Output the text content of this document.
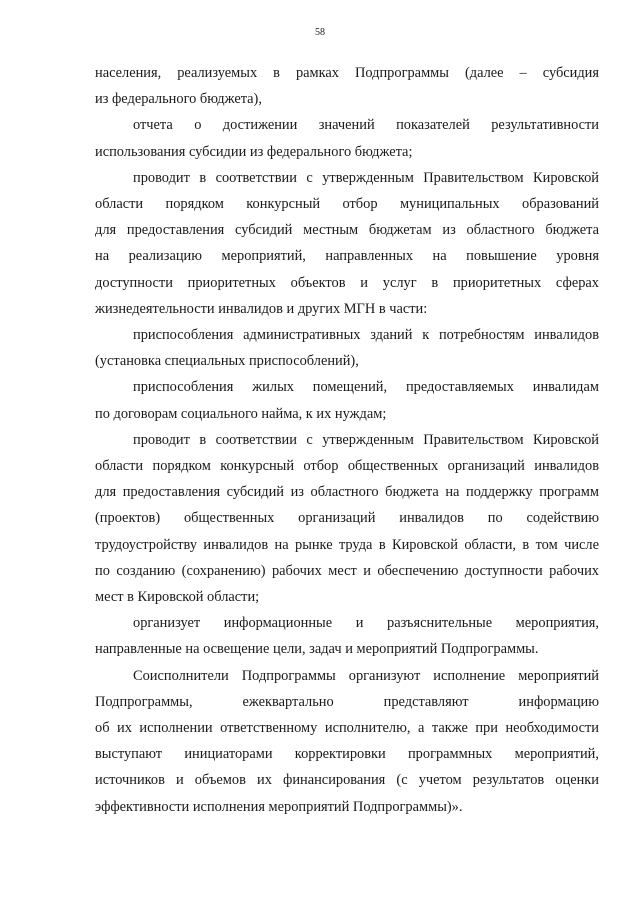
58
населения, реализуемых в рамках Подпрограммы (далее – субсидия
из федерального бюджета),
отчета о достижении значений показателей результативности
использования субсидии из федерального бюджета;
проводит в соответствии с утвержденным Правительством Кировской
области порядком конкурсный отбор муниципальных образований
для предоставления субсидий местным бюджетам из областного бюджета
на реализацию мероприятий, направленных на повышение уровня
доступности приоритетных объектов и услуг в приоритетных сферах
жизнедеятельности инвалидов и других МГН в части:
приспособления административных зданий к потребностям инвалидов
(установка специальных приспособлений),
приспособления жилых помещений, предоставляемых инвалидам
по договорам социального найма, к их нуждам;
проводит в соответствии с утвержденным Правительством Кировской
области порядком конкурсный отбор общественных организаций инвалидов
для предоставления субсидий из областного бюджета на поддержку программ
(проектов) общественных организаций инвалидов по содействию
трудоустройству инвалидов на рынке труда в Кировской области, в том числе
по созданию (сохранению) рабочих мест и обеспечению доступности рабочих
мест в Кировской области;
организует информационные и разъяснительные мероприятия,
направленные на освещение цели, задач и мероприятий Подпрограммы.
Соисполнители Подпрограммы организуют исполнение мероприятий
Подпрограммы, ежеквартально представляют информацию
об их исполнении ответственному исполнителю, а также при необходимости
выступают инициаторами корректировки программных мероприятий,
источников и объемов их финансирования (с учетом результатов оценки
эффективности исполнения мероприятий Подпрограммы)».
